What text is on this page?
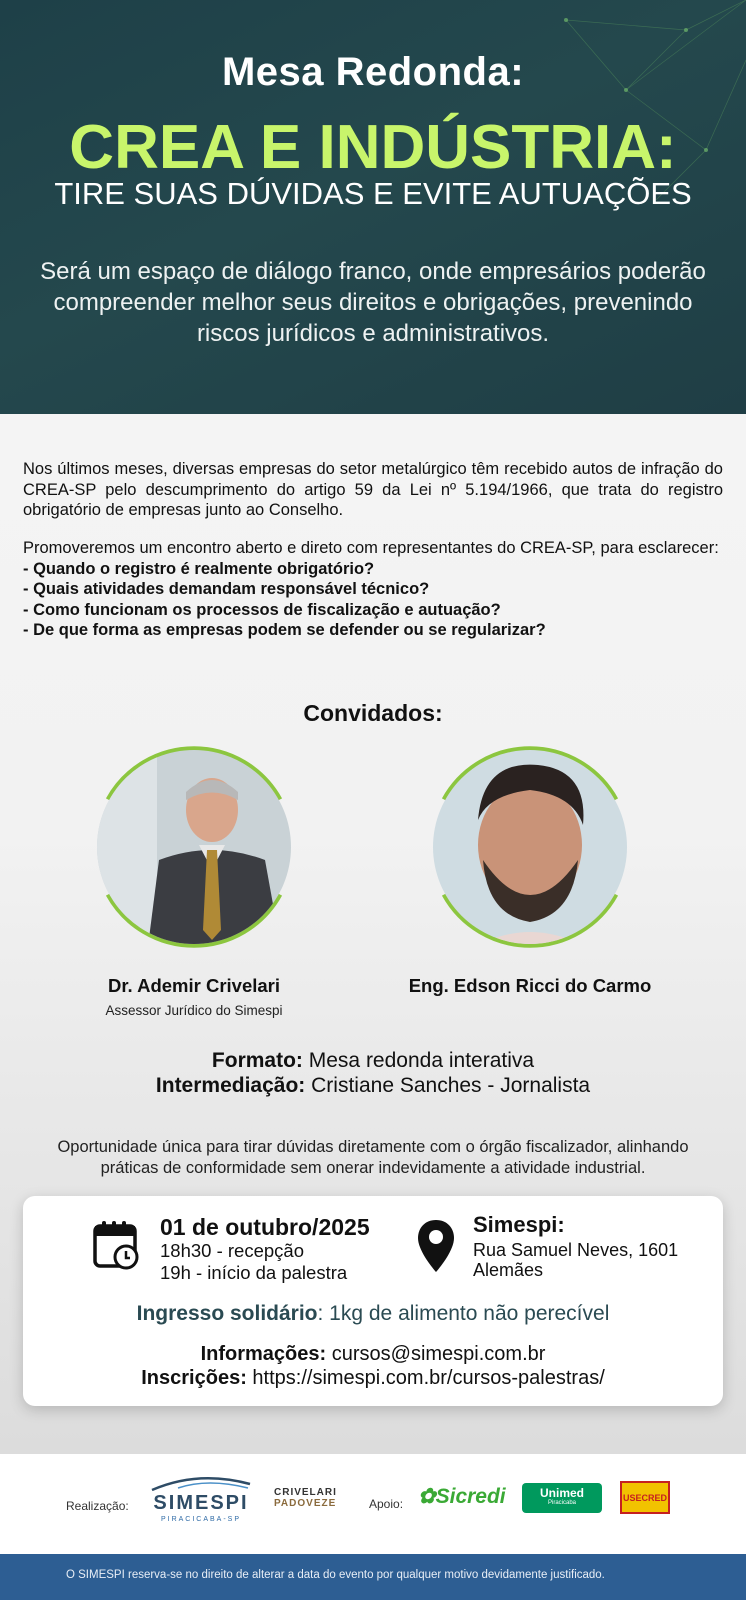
Mesa Redonda:
CREA E INDÚSTRIA:
TIRE SUAS DÚVIDAS E EVITE AUTUAÇÕES
Será um espaço de diálogo franco, onde empresários poderão compreender melhor seus direitos e obrigações, prevenindo riscos jurídicos e administrativos.
Nos últimos meses, diversas empresas do setor metalúrgico têm recebido autos de infração do CREA-SP pelo descumprimento do artigo 59 da Lei nº 5.194/1966, que trata do registro obrigatório de empresas junto ao Conselho.
Promoveremos um encontro aberto e direto com representantes do CREA-SP, para esclarecer:
- Quando o registro é realmente obrigatório?
- Quais atividades demandam responsável técnico?
- Como funcionam os processos de fiscalização e autuação?
- De que forma as empresas podem se defender ou se regularizar?
Convidados:
Dr. Ademir Crivelari
Assessor Jurídico do Simespi
Eng. Edson Ricci do Carmo
Formato: Mesa redonda interativa
Intermediação: Cristiane Sanches - Jornalista
Oportunidade única para tirar dúvidas diretamente com o órgão fiscalizador, alinhando práticas de conformidade sem onerar indevidamente a atividade industrial.
01 de outubro/2025
18h30 - recepção
19h - início da palestra
Simespi:
Rua Samuel Neves, 1601
Alemães
Ingresso solidário: 1kg de alimento não perecível
Informações: cursos@simespi.com.br
Inscrições: https://simespi.com.br/cursos-palestras/
Realização: SIMESPI
PIRACICABA-SP
CRIVELARI
PADOVEZE	Apoio: ✿Sicredi	Unimed
Piracicaba	USECRED
O SIMESPI reserva-se no direito de alterar a data do evento por qualquer motivo devidamente justificado.
